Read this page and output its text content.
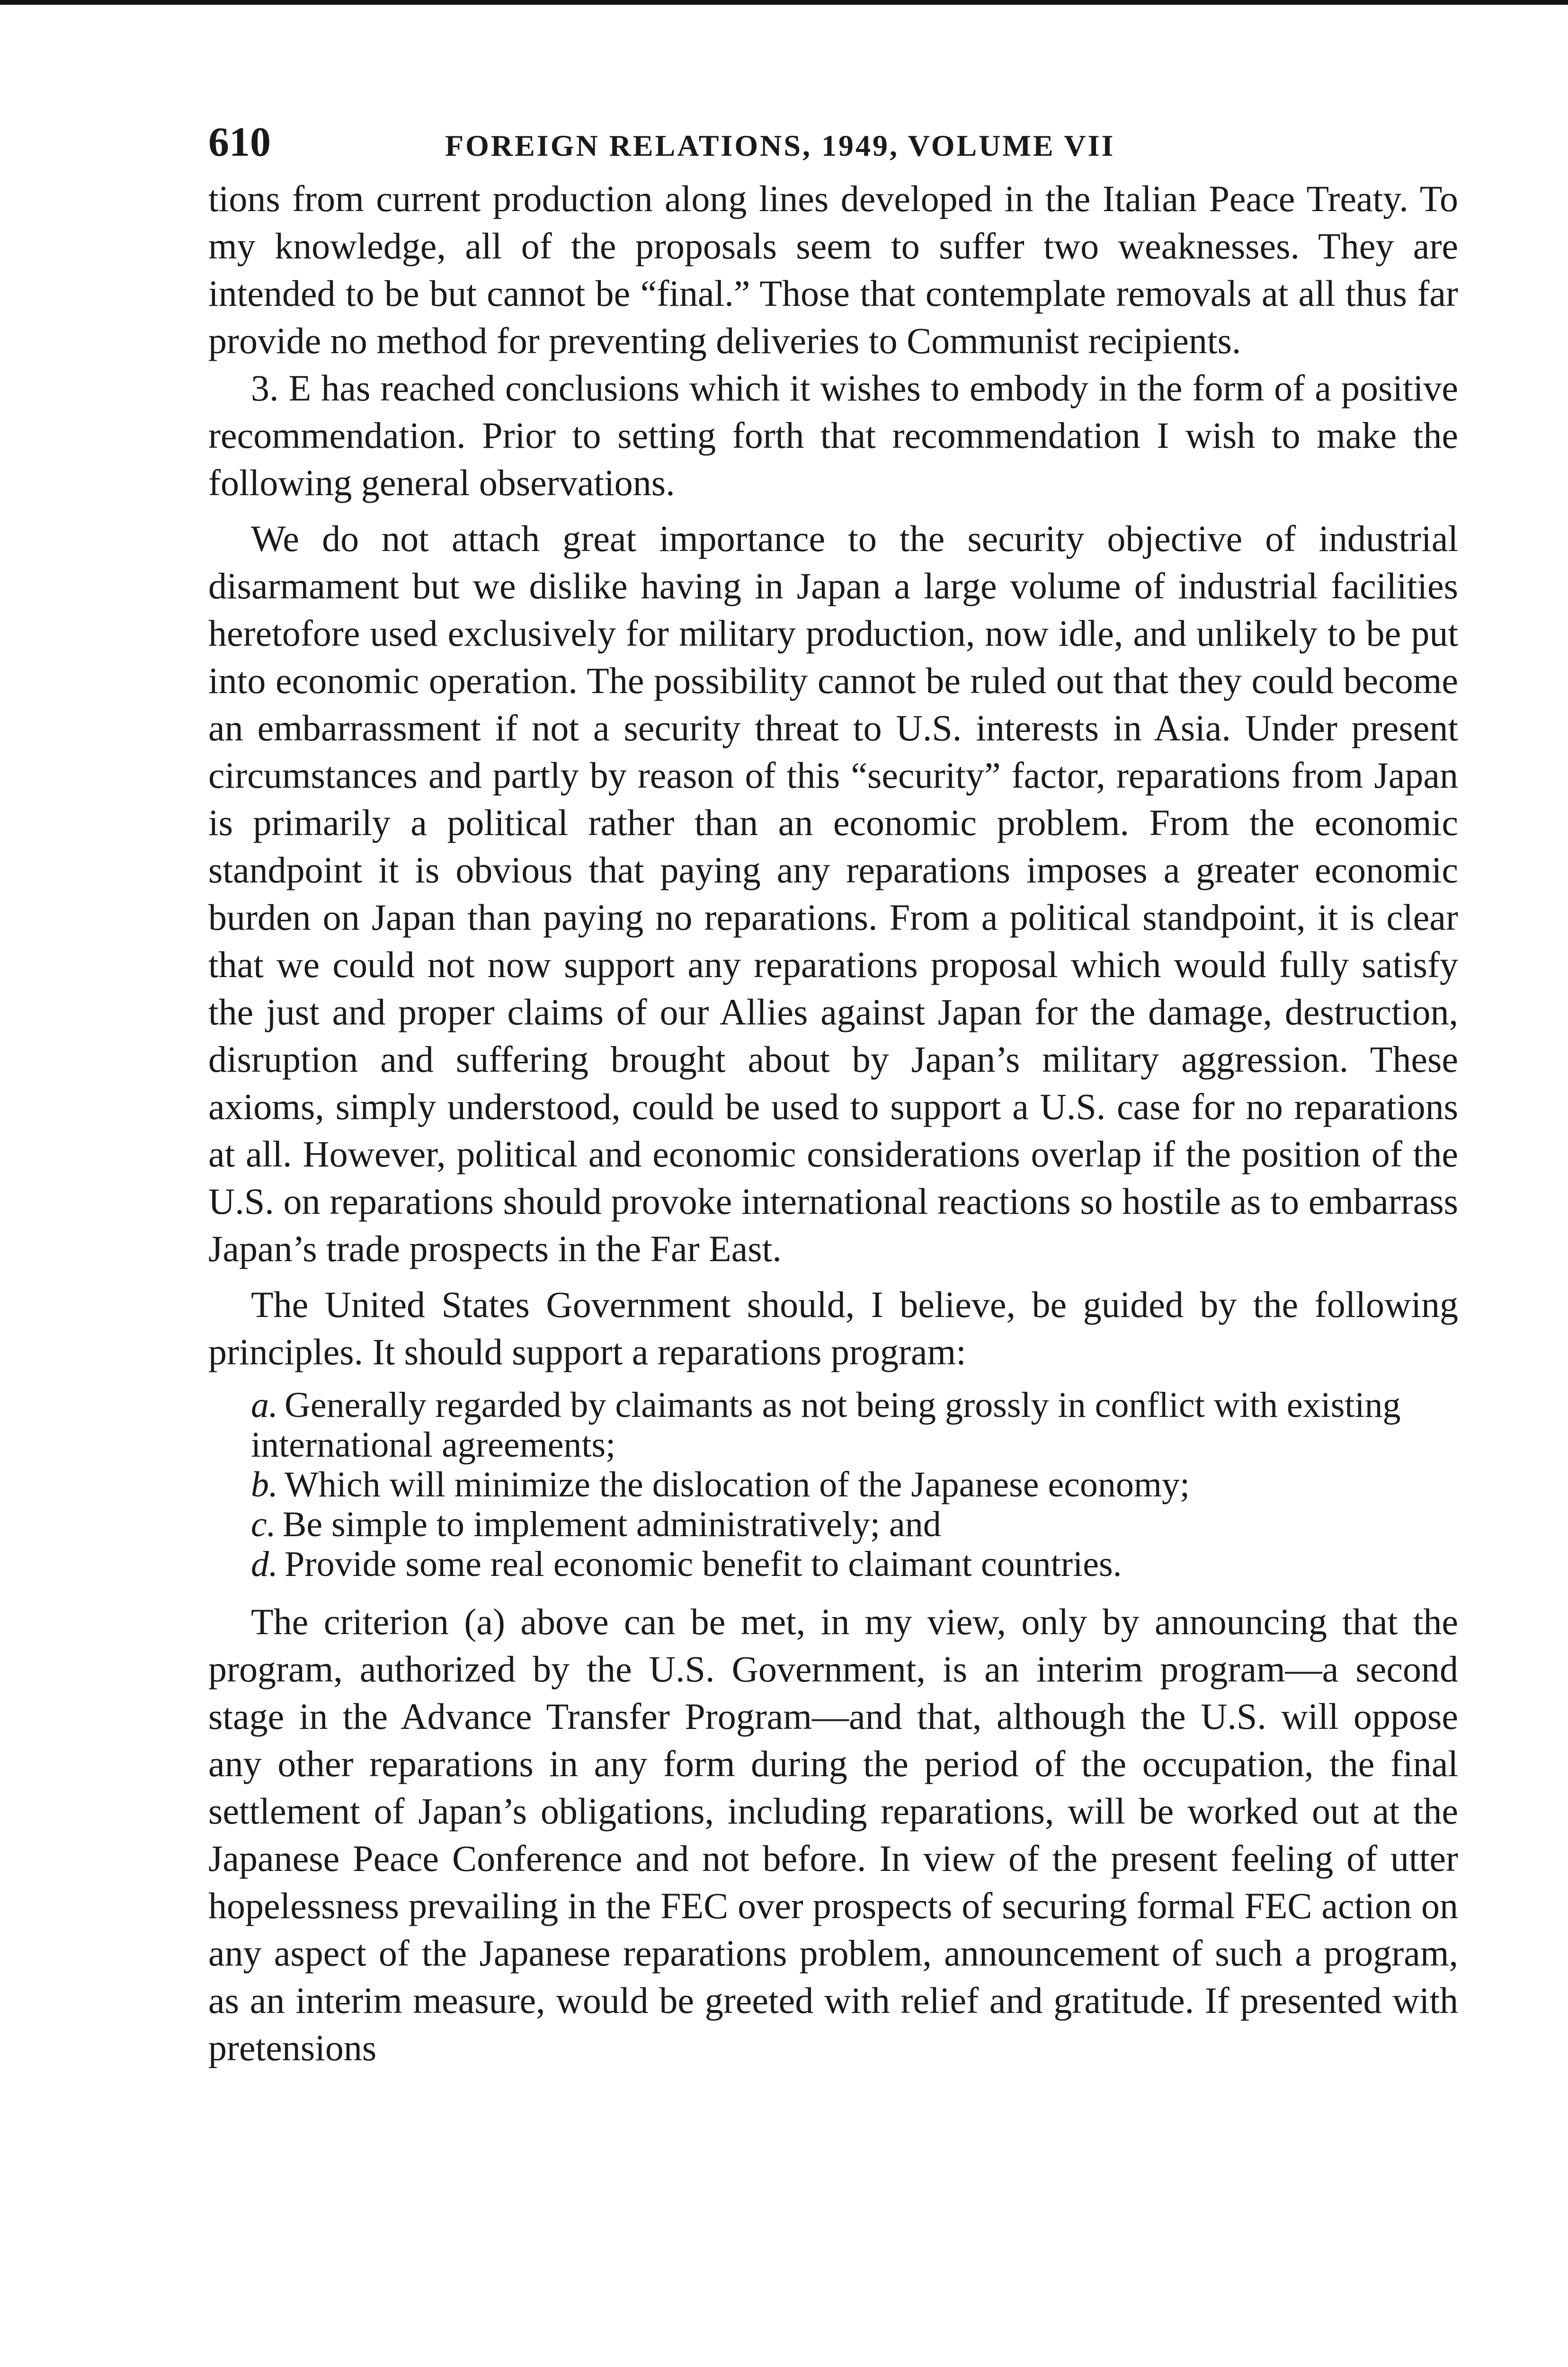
610	FOREIGN RELATIONS, 1949, VOLUME VII

tions from current production along lines developed in the Italian Peace Treaty. To my knowledge, all of the proposals seem to suffer two weaknesses. They are intended to be but cannot be “final.” Those that contemplate removals at all thus far provide no method for preventing deliveries to Communist recipients.

3. E has reached conclusions which it wishes to embody in the form of a positive recommendation. Prior to setting forth that recommendation I wish to make the following general observations.

We do not attach great importance to the security objective of industrial disarmament but we dislike having in Japan a large volume of industrial facilities heretofore used exclusively for military production, now idle, and unlikely to be put into economic operation. The possibility cannot be ruled out that they could become an embarrassment if not a security threat to U.S. interests in Asia. Under present circumstances and partly by reason of this “security” factor, reparations from Japan is primarily a political rather than an economic problem. From the economic standpoint it is obvious that paying any reparations imposes a greater economic burden on Japan than paying no reparations. From a political standpoint, it is clear that we could not now support any reparations proposal which would fully satisfy the just and proper claims of our Allies against Japan for the damage, destruction, disruption and suffering brought about by Japan’s military aggression. These axioms, simply understood, could be used to support a U.S. case for no reparations at all. However, political and economic considerations overlap if the position of the U.S. on reparations should provoke international reactions so hostile as to embarrass Japan’s trade prospects in the Far East.

The United States Government should, I believe, be guided by the following principles. It should support a reparations program:

a. Generally regarded by claimants as not being grossly in conflict with existing international agreements;
b. Which will minimize the dislocation of the Japanese economy;
c. Be simple to implement administratively; and
d. Provide some real economic benefit to claimant countries.

The criterion (a) above can be met, in my view, only by announcing that the program, authorized by the U.S. Government, is an interim program—a second stage in the Advance Transfer Program—and that, although the U.S. will oppose any other reparations in any form during the period of the occupation, the final settlement of Japan’s obligations, including reparations, will be worked out at the Japanese Peace Conference and not before. In view of the present feeling of utter hopelessness prevailing in the FEC over prospects of securing formal FEC action on any aspect of the Japanese reparations problem, announcement of such a program, as an interim measure, would be greeted with relief and gratitude. If presented with pretensions
